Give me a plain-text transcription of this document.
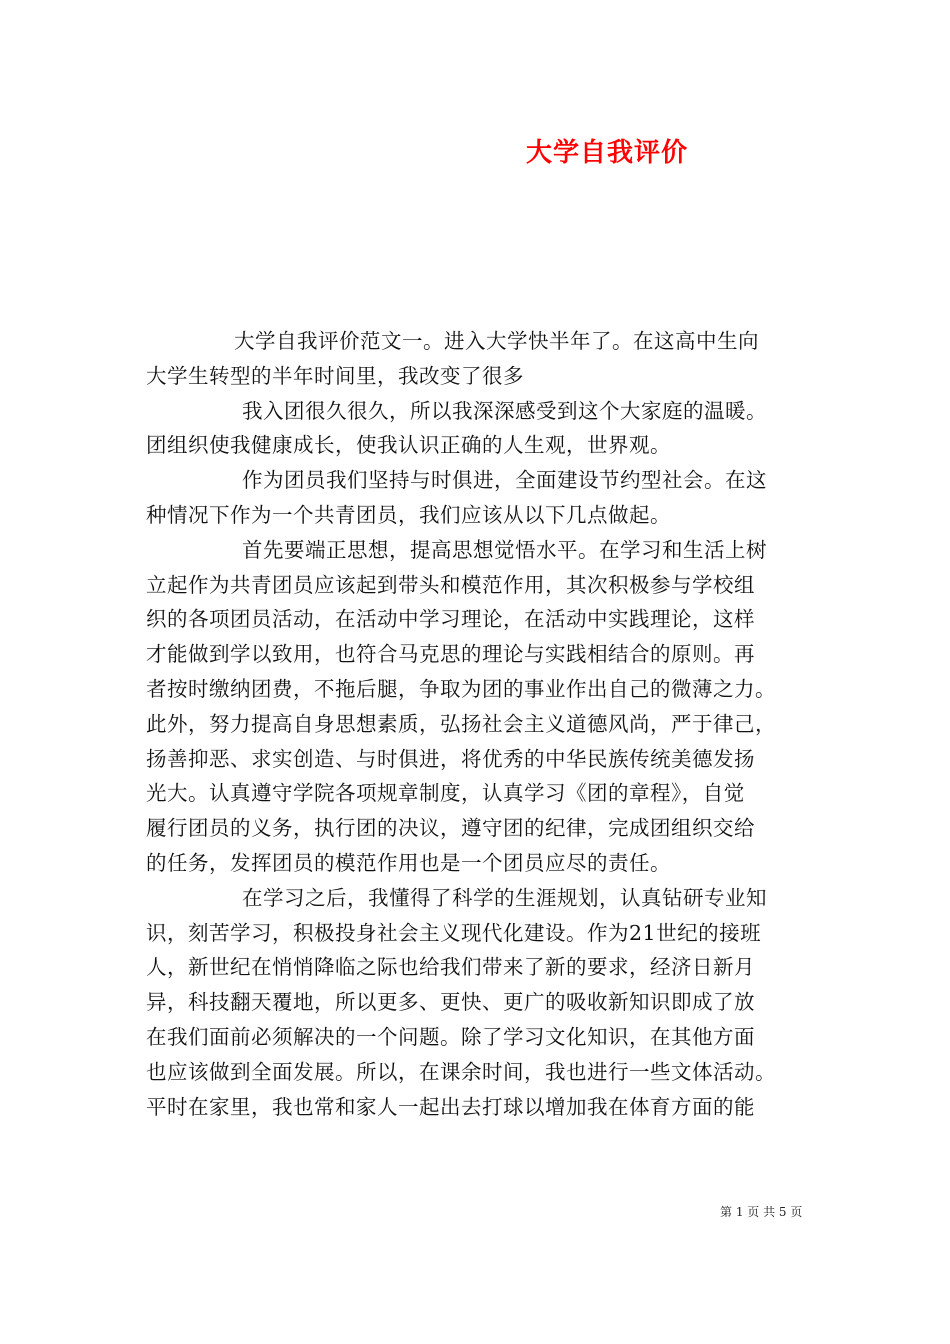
大学自我评价
大学自我评价范文一。进入大学快半年了。在这高中生向
大学生转型的半年时间里，我改变了很多
我入团很久很久，所以我深深感受到这个大家庭的温暖。
团组织使我健康成长，使我认识正确的人生观，世界观。
作为团员我们坚持与时俱进，全面建设节约型社会。在这
种情况下作为一个共青团员，我们应该从以下几点做起。
首先要端正思想，提高思想觉悟水平。在学习和生活上树
立起作为共青团员应该起到带头和模范作用，其次积极参与学校组
织的各项团员活动，在活动中学习理论，在活动中实践理论，这样
才能做到学以致用，也符合马克思的理论与实践相结合的原则。再
者按时缴纳团费，不拖后腿，争取为团的事业作出自己的微薄之力。
此外，努力提高自身思想素质，弘扬社会主义道德风尚，严于律己，
扬善抑恶、求实创造、与时俱进，将优秀的中华民族传统美德发扬
光大。认真遵守学院各项规章制度，认真学习《团的章程》，自觉
履行团员的义务，执行团的决议，遵守团的纪律，完成团组织交给
的任务，发挥团员的模范作用也是一个团员应尽的责任。
在学习之后，我懂得了科学的生涯规划，认真钻研专业知
识，刻苦学习，积极投身社会主义现代化建设。作为21世纪的接班
人，新世纪在悄悄降临之际也给我们带来了新的要求，经济日新月
异，科技翻天覆地，所以更多、更快、更广的吸收新知识即成了放
在我们面前必须解决的一个问题。除了学习文化知识，在其他方面
也应该做到全面发展。所以，在课余时间，我也进行一些文体活动。
平时在家里，我也常和家人一起出去打球以增加我在体育方面的能
第 1 页 共 5 页
